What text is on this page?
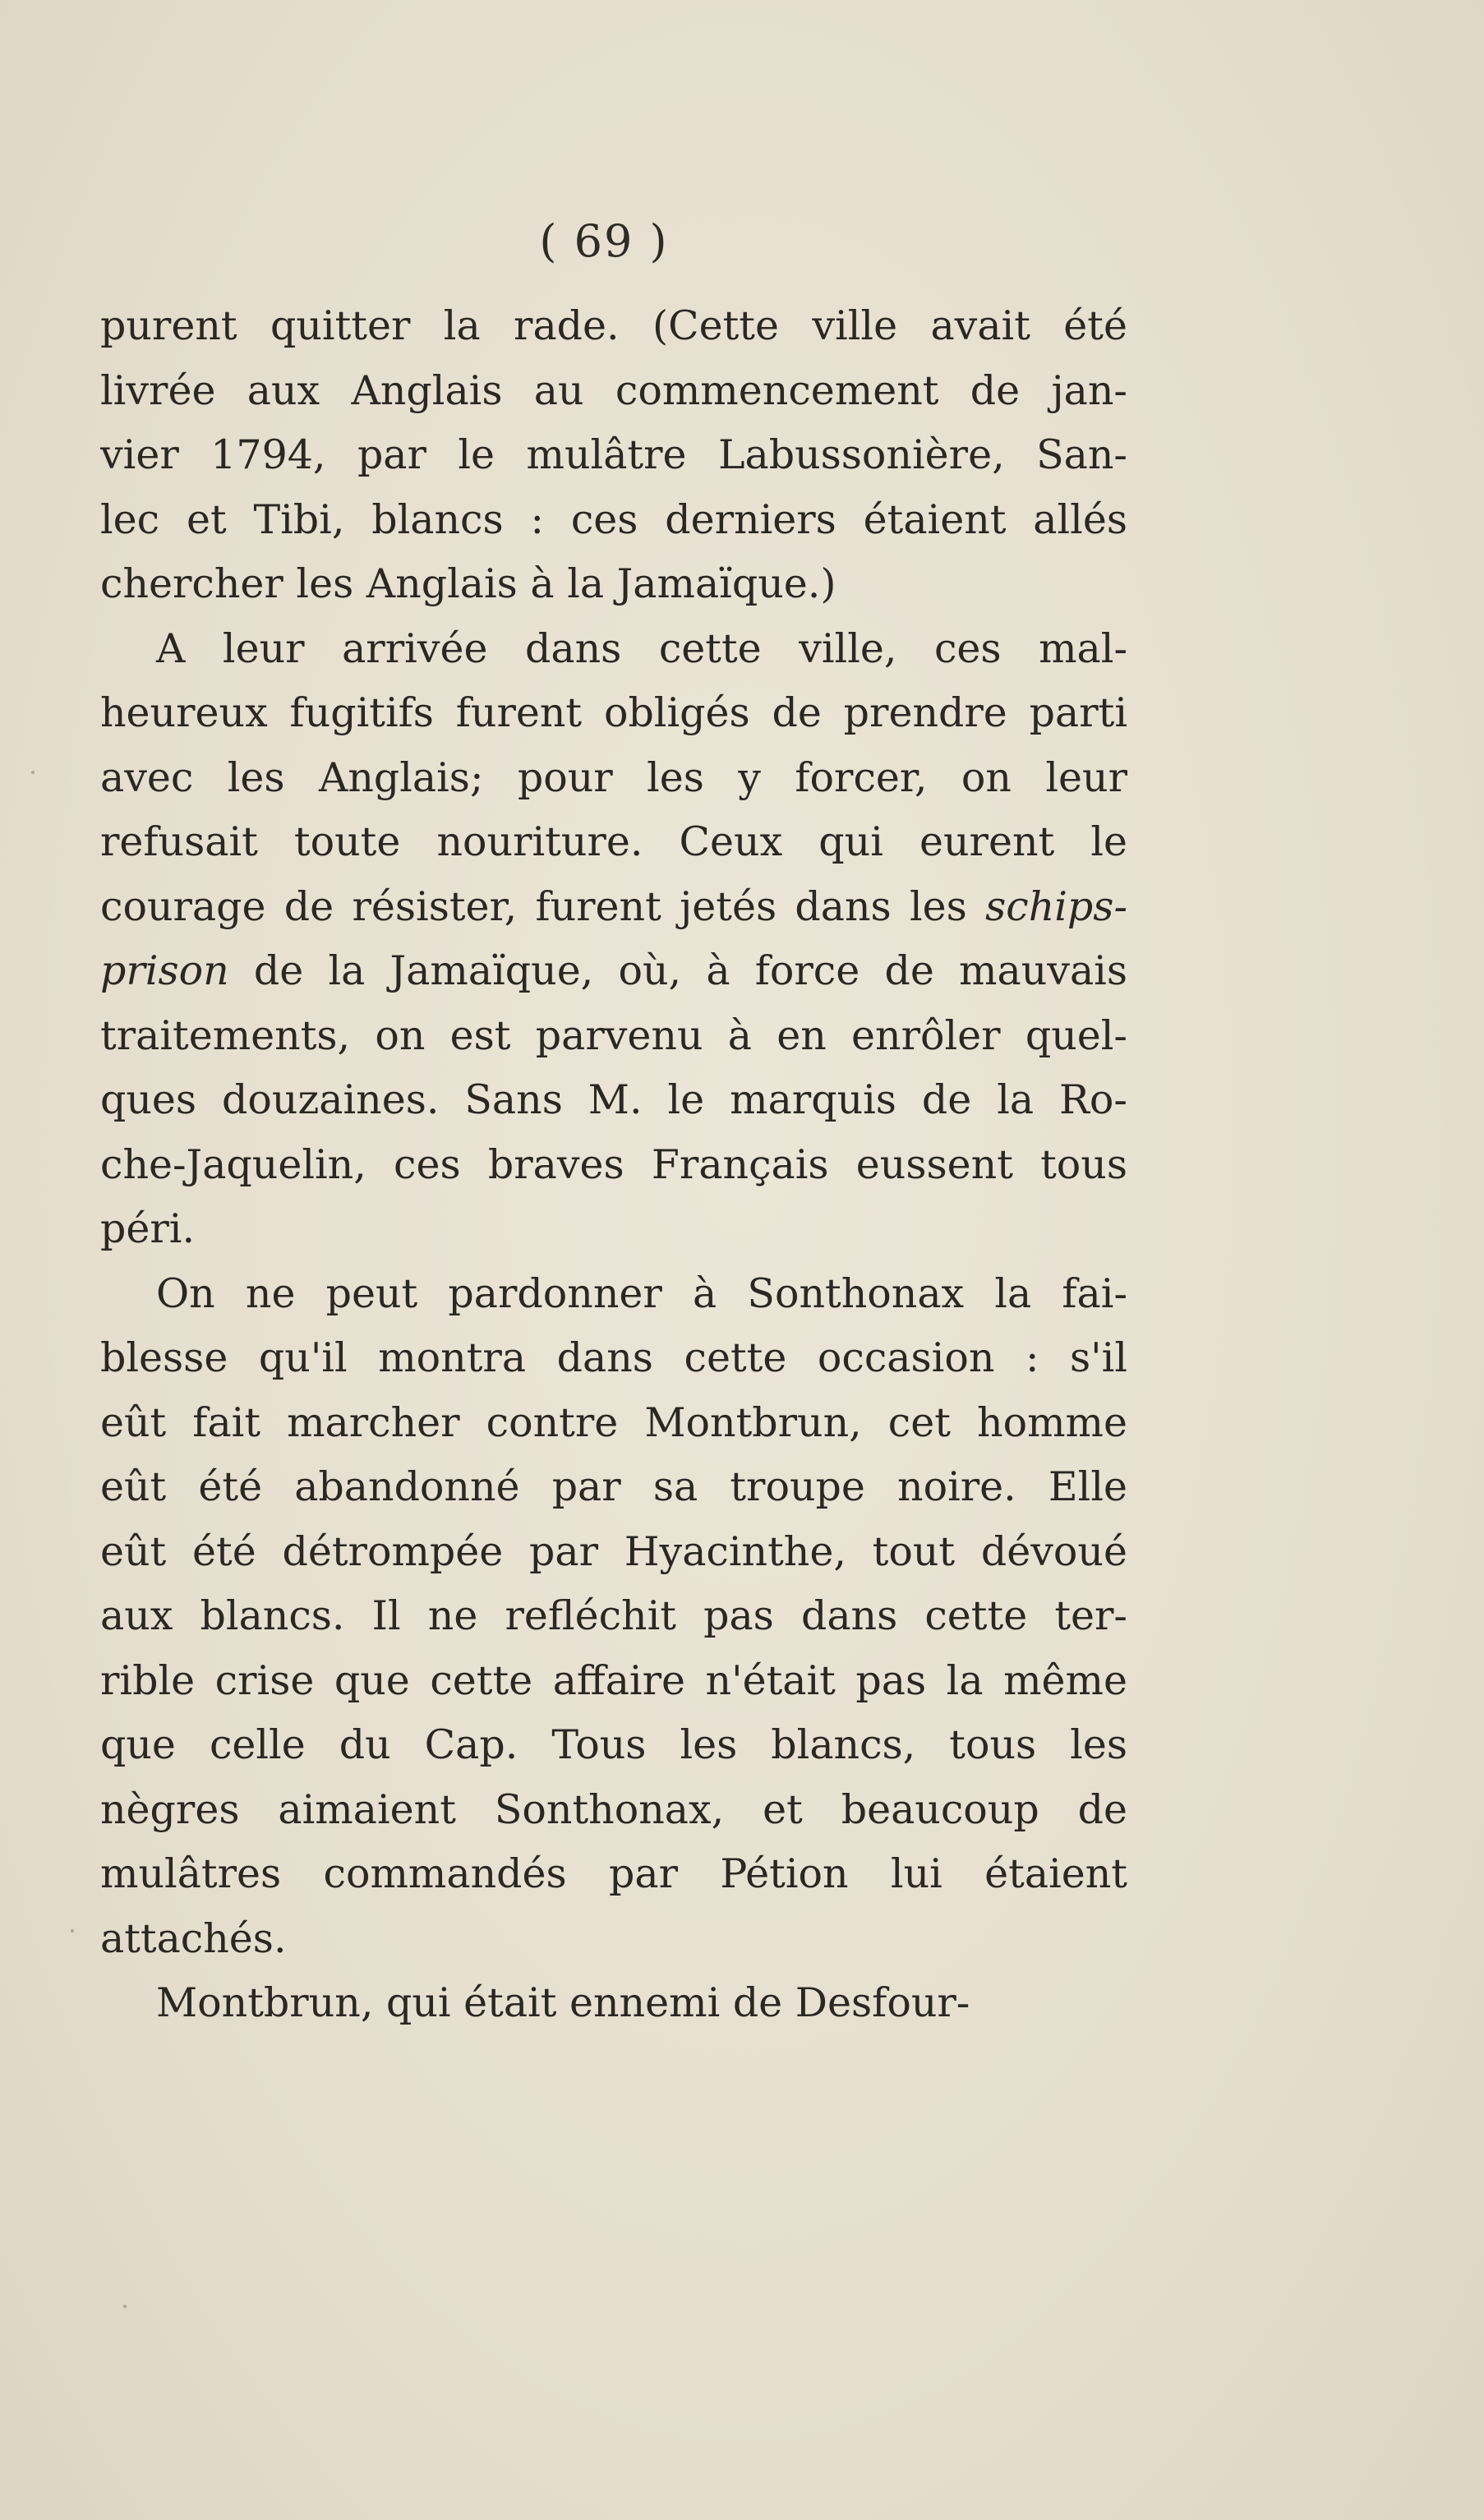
( 69 )
purent quitter la rade. (Cette ville avait été
livrée aux Anglais au commencement de jan-
vier 1794, par le mulâtre Labussonière, San-
lec et Tibi, blancs : ces derniers étaient allés
chercher les Anglais à la Jamaïque.)
A leur arrivée dans cette ville, ces mal-
heureux fugitifs furent obligés de prendre parti
avec les Anglais; pour les y forcer, on leur
refusait toute nouriture. Ceux qui eurent le
courage de résister, furent jetés dans les schips-
prison de la Jamaïque, où, à force de mauvais
traitements, on est parvenu à en enrôler quel-
ques douzaines. Sans M. le marquis de la Ro-
che-Jaquelin, ces braves Français eussent tous
péri.
On ne peut pardonner à Sonthonax la fai-
blesse qu'il montra dans cette occasion : s'il
eût fait marcher contre Montbrun, cet homme
eût été abandonné par sa troupe noire. Elle
eût été détrompée par Hyacinthe, tout dévoué
aux blancs. Il ne refléchit pas dans cette ter-
rible crise que cette affaire n'était pas la même
que celle du Cap. Tous les blancs, tous les
nègres aimaient Sonthonax, et beaucoup de
mulâtres commandés par Pétion lui étaient
attachés.
Montbrun, qui était ennemi de Desfour-
